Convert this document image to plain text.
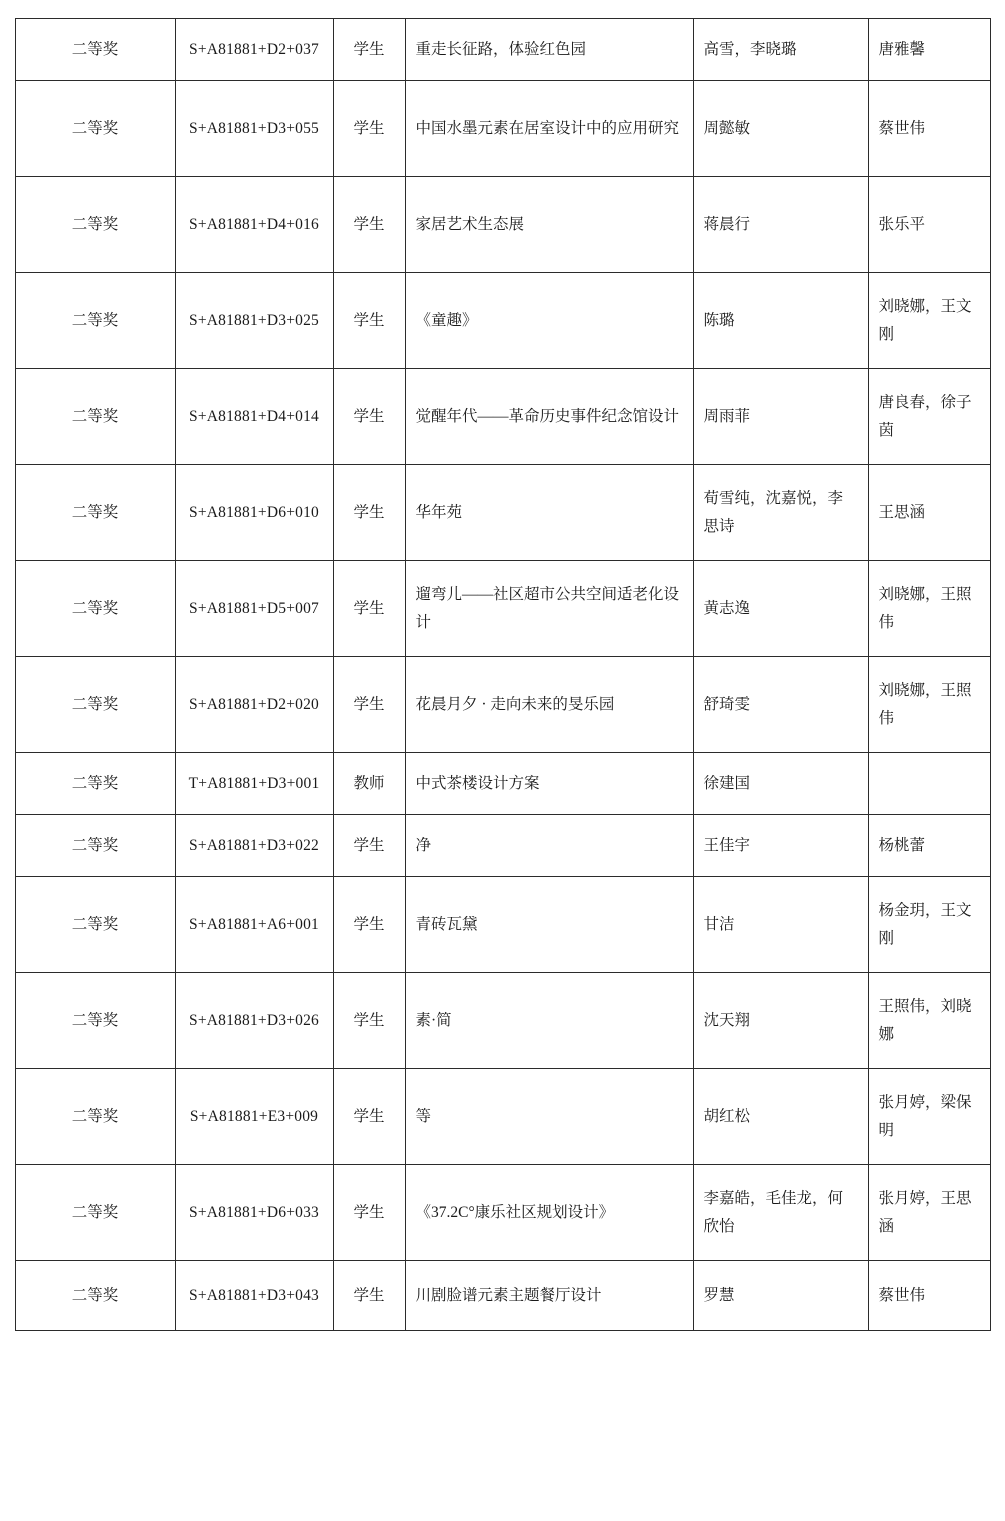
二等奖	S+A81881+D2+037	学生	重走长征路，体验红色园	高雪，李晓璐	唐雅馨
二等奖	S+A81881+D3+055	学生	中国水墨元素在居室设计中的应用研究	周懿敏	蔡世伟
二等奖	S+A81881+D4+016	学生	家居艺术生态展	蒋晨行	张乐平
二等奖	S+A81881+D3+025	学生	《童趣》	陈璐	刘晓娜，王文刚
二等奖	S+A81881+D4+014	学生	觉醒年代——革命历史事件纪念馆设计	周雨菲	唐良春，徐子茵
二等奖	S+A81881+D6+010	学生	华年苑	荀雪纯，沈嘉悦，李思诗	王思涵
二等奖	S+A81881+D5+007	学生	遛弯儿——社区超市公共空间适老化设计	黄志逸	刘晓娜，王照伟
二等奖	S+A81881+D2+020	学生	花晨月夕 · 走向未来的旻乐园	舒琦雯	刘晓娜，王照伟
二等奖	T+A81881+D3+001	教师	中式茶楼设计方案	徐建国	
二等奖	S+A81881+D3+022	学生	净	王佳宇	杨桃蕾
二等奖	S+A81881+A6+001	学生	青砖瓦黛	甘洁	杨金玥，王文刚
二等奖	S+A81881+D3+026	学生	素·简	沈天翔	王照伟，刘晓娜
二等奖	S+A81881+E3+009	学生	等	胡红松	张月婷，梁保明
二等奖	S+A81881+D6+033	学生	《37.2C°康乐社区规划设计》	李嘉皓，毛佳龙，何欣怡	张月婷，王思涵
二等奖	S+A81881+D3+043	学生	川剧脸谱元素主题餐厅设计	罗慧	蔡世伟
